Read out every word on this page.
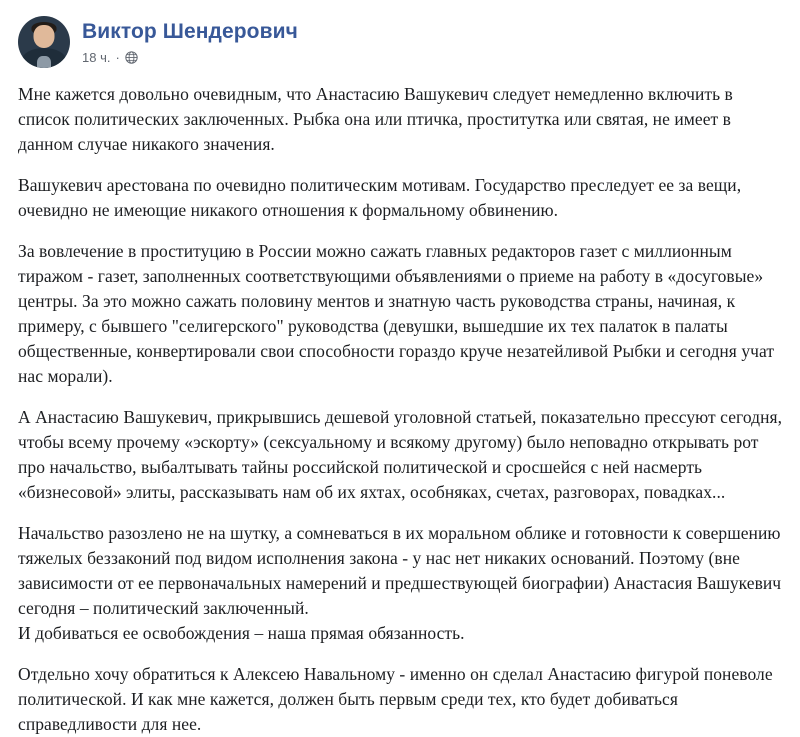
Виктор Шендерович
18 ч. ·

Мне кажется довольно очевидным, что Анастасию Вашукевич следует немедленно включить в список политических заключенных. Рыбка она или птичка, проститутка или святая, не имеет в данном случае никакого значения.

Вашукевич арестована по очевидно политическим мотивам. Государство преследует ее за вещи, очевидно не имеющие никакого отношения к формальному обвинению.

За вовлечение в проституцию в России можно сажать главных редакторов газет с миллионным тиражом - газет, заполненных соответствующими объявлениями о приеме на работу в «досуговые» центры. За это можно сажать половину ментов и знатную часть руководства страны, начиная, к примеру, с бывшего "селигерского" руководства (девушки, вышедшие их тех палаток в палаты общественные, конвертировали свои способности гораздо круче незатейливой Рыбки и сегодня учат нас морали).

А Анастасию Вашукевич, прикрывшись дешевой уголовной статьей, показательно прессуют сегодня, чтобы всему прочему «эскорту» (сексуальному и всякому другому) было неповадно открывать рот про начальство, выбалтывать тайны российской политической и сросшейся с ней насмерть «бизнесовой» элиты, рассказывать нам об их яхтах, особняках, счетах, разговорах, повадках...

Начальство разозлено не на шутку, а сомневаться в их моральном облике и готовности к совершению тяжелых беззаконий под видом исполнения закона - у нас нет никаких оснований. Поэтому (вне зависимости от ее первоначальных намерений и предшествующей биографии) Анастасия Вашукевич сегодня – политический заключенный.
И добиваться ее освобождения – наша прямая обязанность.

Отдельно хочу обратиться к Алексею Навальному - именно он сделал Анастасию фигурой поневоле политической. И как мне кажется, должен быть первым среди тех, кто будет добиваться справедливости для нее.
